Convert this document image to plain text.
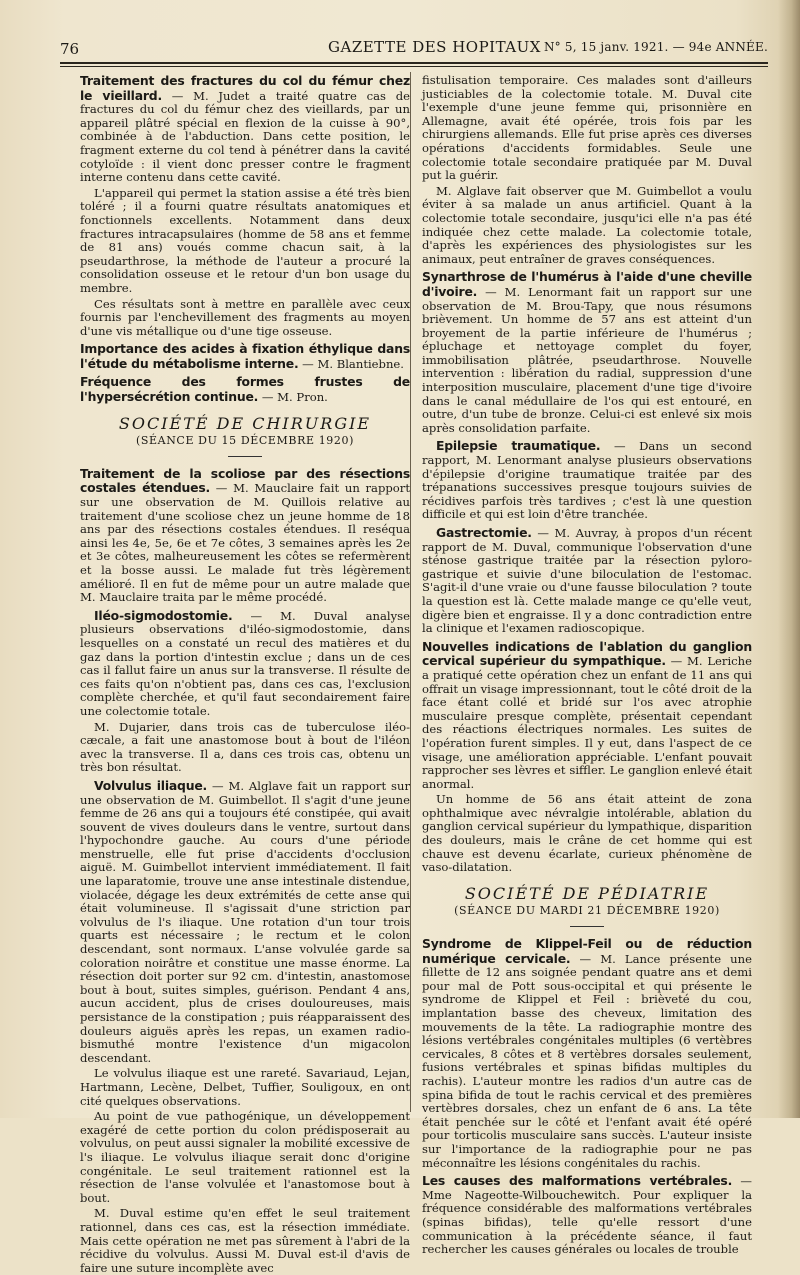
76	GAZETTE DES HOPITAUX N° 5, 15 janv. 1921. — 94e ANNÉE.

Traitement des fractures du col du fémur chez le vieillard. — M. Judet a traité quatre cas de fractures du col du fémur chez des vieillards, par un appareil plâtré spécial en flexion de la cuisse à 90°, combinée à de l'abduction. Dans cette position, le fragment externe du col tend à pénétrer dans la cavité cotyloïde : il vient donc presser contre le fragment interne contenu dans cette cavité.

L'appareil qui permet la station assise a été très bien toléré ; il a fourni quatre résultats anatomiques et fonctionnels excellents. Notamment dans deux fractures intracapsulaires (homme de 58 ans et femme de 81 ans) voués comme chacun sait, à la pseudarthrose, la méthode de l'auteur a procuré la consolidation osseuse et le retour d'un bon usage du membre.

Ces résultats sont à mettre en parallèle avec ceux fournis par l'enchevillement des fragments au moyen d'une vis métallique ou d'une tige osseuse.

Importance des acides à fixation éthylique dans l'étude du métabolisme interne. — M. Blantiebne.

Fréquence des formes frustes de l'hypersécrétion continue. — M. Pron.

SOCIÉTÉ DE CHIRURGIE
(SÉANCE DU 15 DÉCEMBRE 1920)

Traitement de la scoliose par des résections costales étendues. — M. Mauclaire fait un rapport sur une observation de M. Quillois relative au traitement d'une scoliose chez un jeune homme de 18 ans par des résections costales étendues. Il reséqua ainsi les 4e, 5e, 6e et 7e côtes, 3 semaines après les 2e et 3e côtes, malheureusement les côtes se refermèrent et la bosse aussi. Le malade fut très légèrement amélioré. Il en fut de même pour un autre malade que M. Mauclaire traita par le même procédé.

Iléo-sigmodostomie. — M. Duval analyse plusieurs observations d'iléo-sigmodostomie, dans lesquelles on a constaté un recul des matières et du gaz dans la portion d'intestin exclue ; dans un de ces cas il fallut faire un anus sur la transverse. Il résulte de ces faits qu'on n'obtient pas, dans ces cas, l'exclusion complète cherchée, et qu'il faut secondairement faire une colectomie totale.

M. Dujarier, dans trois cas de tuberculose iléo-cæcale, a fait une anastomose bout à bout de l'iléon avec la transverse. Il a, dans ces trois cas, obtenu un très bon résultat.

Volvulus iliaque. — M. Alglave fait un rapport sur une observation de M. Guimbellot. Il s'agit d'une jeune femme de 26 ans qui a toujours été constipée, qui avait souvent de vives douleurs dans le ventre, surtout dans l'hypochondre gauche. Au cours d'une période menstruelle, elle fut prise d'accidents d'occlusion aiguë. M. Guimbellot intervient immédiatement. Il fait une laparatomie, trouve une anse intestinale distendue, violacée, dégage les deux extrémités de cette anse qui était volumineuse. Il s'agissait d'une striction par volvulus de l's iliaque. Une rotation d'un tour trois quarts est nécessaire ; le rectum et le colon descendant, sont normaux. L'anse volvulée garde sa coloration noirâtre et constitue une masse énorme. La résection doit porter sur 92 cm. d'intestin, anastomose bout à bout, suites simples, guérison. Pendant 4 ans, aucun accident, plus de crises douloureuses, mais persistance de la constipation ; puis réapparaissent des douleurs aiguës après les repas, un examen radio-bismuthé montre l'existence d'un migacolon descendant.

Le volvulus iliaque est une rareté. Savariaud, Lejan, Hartmann, Lecène, Delbet, Tuffier, Souligoux, en ont cité quelques observations.

Au point de vue pathogénique, un développement exagéré de cette portion du colon prédisposerait au volvulus, on peut aussi signaler la mobilité excessive de l's iliaque. Le volvulus iliaque serait donc d'origine congénitale. Le seul traitement rationnel est la résection de l'anse volvulée et l'anastomose bout à bout.

M. Duval estime qu'en effet le seul traitement rationnel, dans ces cas, est la résection immédiate. Mais cette opération ne met pas sûrement à l'abri de la récidive du volvulus. Aussi M. Duval est-il d'avis de faire une suture incomplète avec

fistulisation temporaire. Ces malades sont d'ailleurs justiciables de la colectomie totale. M. Duval cite l'exemple d'une jeune femme qui, prisonnière en Allemagne, avait été opérée, trois fois par les chirurgiens allemands. Elle fut prise après ces diverses opérations d'accidents formidables. Seule une colectomie totale secondaire pratiquée par M. Duval put la guérir.

M. Alglave fait observer que M. Guimbellot a voulu éviter à sa malade un anus artificiel. Quant à la colectomie totale secondaire, jusqu'ici elle n'a pas été indiquée chez cette malade. La colectomie totale, d'après les expériences des physiologistes sur les animaux, peut entraîner de graves conséquences.

Synarthrose de l'humérus à l'aide d'une cheville d'ivoire. — M. Lenormant fait un rapport sur une observation de M. Brou-Tapy, que nous résumons brièvement. Un homme de 57 ans est atteint d'un broyement de la partie inférieure de l'humérus ; épluchage et nettoyage complet du foyer, immobilisation plâtrée, pseudarthrose. Nouvelle intervention : libération du radial, suppression d'une interposition musculaire, placement d'une tige d'ivoire dans le canal médullaire de l'os qui est entouré, en outre, d'un tube de bronze. Celui-ci est enlevé six mois après consolidation parfaite.

Epilepsie traumatique. — Dans un second rapport, M. Lenormant analyse plusieurs observations d'épilepsie d'origine traumatique traitée par des trépanations successives presque toujours suivies de récidives parfois très tardives ; c'est là une question difficile et qui est loin d'être tranchée.

Gastrectomie. — M. Auvray, à propos d'un récent rapport de M. Duval, communique l'observation d'une sténose gastrique traitée par la résection pyloro-gastrique et suivie d'une biloculation de l'estomac. S'agit-il d'une vraie ou d'une fausse biloculation ? toute la question est là. Cette malade mange ce qu'elle veut, digère bien et engraisse. Il y a donc contradiction entre la clinique et l'examen radioscopique.

Nouvelles indications de l'ablation du ganglion cervical supérieur du sympathique. — M. Leriche a pratiqué cette opération chez un enfant de 11 ans qui offrait un visage impressionnant, tout le côté droit de la face étant collé et bridé sur l'os avec atrophie musculaire presque complète, présentait cependant des réactions électriques normales. Les suites de l'opération furent simples. Il y eut, dans l'aspect de ce visage, une amélioration appréciable. L'enfant pouvait rapprocher ses lèvres et siffler. Le ganglion enlevé était anormal.

Un homme de 56 ans était atteint de zona ophthalmique avec névralgie intolérable, ablation du ganglion cervical supérieur du lympathique, disparition des douleurs, mais le crâne de cet homme qui est chauve est devenu écarlate, curieux phénomène de vaso-dilatation.

SOCIÉTÉ DE PÉDIATRIE
(SÉANCE DU MARDI 21 DÉCEMBRE 1920)

Syndrome de Klippel-Feil ou de réduction numérique cervicale. — M. Lance présente une fillette de 12 ans soignée pendant quatre ans et demi pour mal de Pott sous-occipital et qui présente le syndrome de Klippel et Feil : brièveté du cou, implantation basse des cheveux, limitation des mouvements de la tête. La radiographie montre des lésions vertébrales congénitales multiples (6 vertèbres cervicales, 8 côtes et 8 vertèbres dorsales seulement, fusions vertébrales et spinas bifidas multiples du rachis). L'auteur montre les radios d'un autre cas de spina bifida de tout le rachis cervical et des premières vertèbres dorsales, chez un enfant de 6 ans. La tête était penchée sur le côté et l'enfant avait été opéré pour torticolis musculaire sans succès. L'auteur insiste sur l'importance de la radiographie pour ne pas méconnaître les lésions congénitales du rachis.

Les causes des malformations vertébrales. — Mme Nageotte-Wilbouchewitch. Pour expliquer la fréquence considérable des malformations vertébrales (spinas bifidas), telle qu'elle ressort d'une communication à la précédente séance, il faut rechercher les causes générales ou locales de trouble
